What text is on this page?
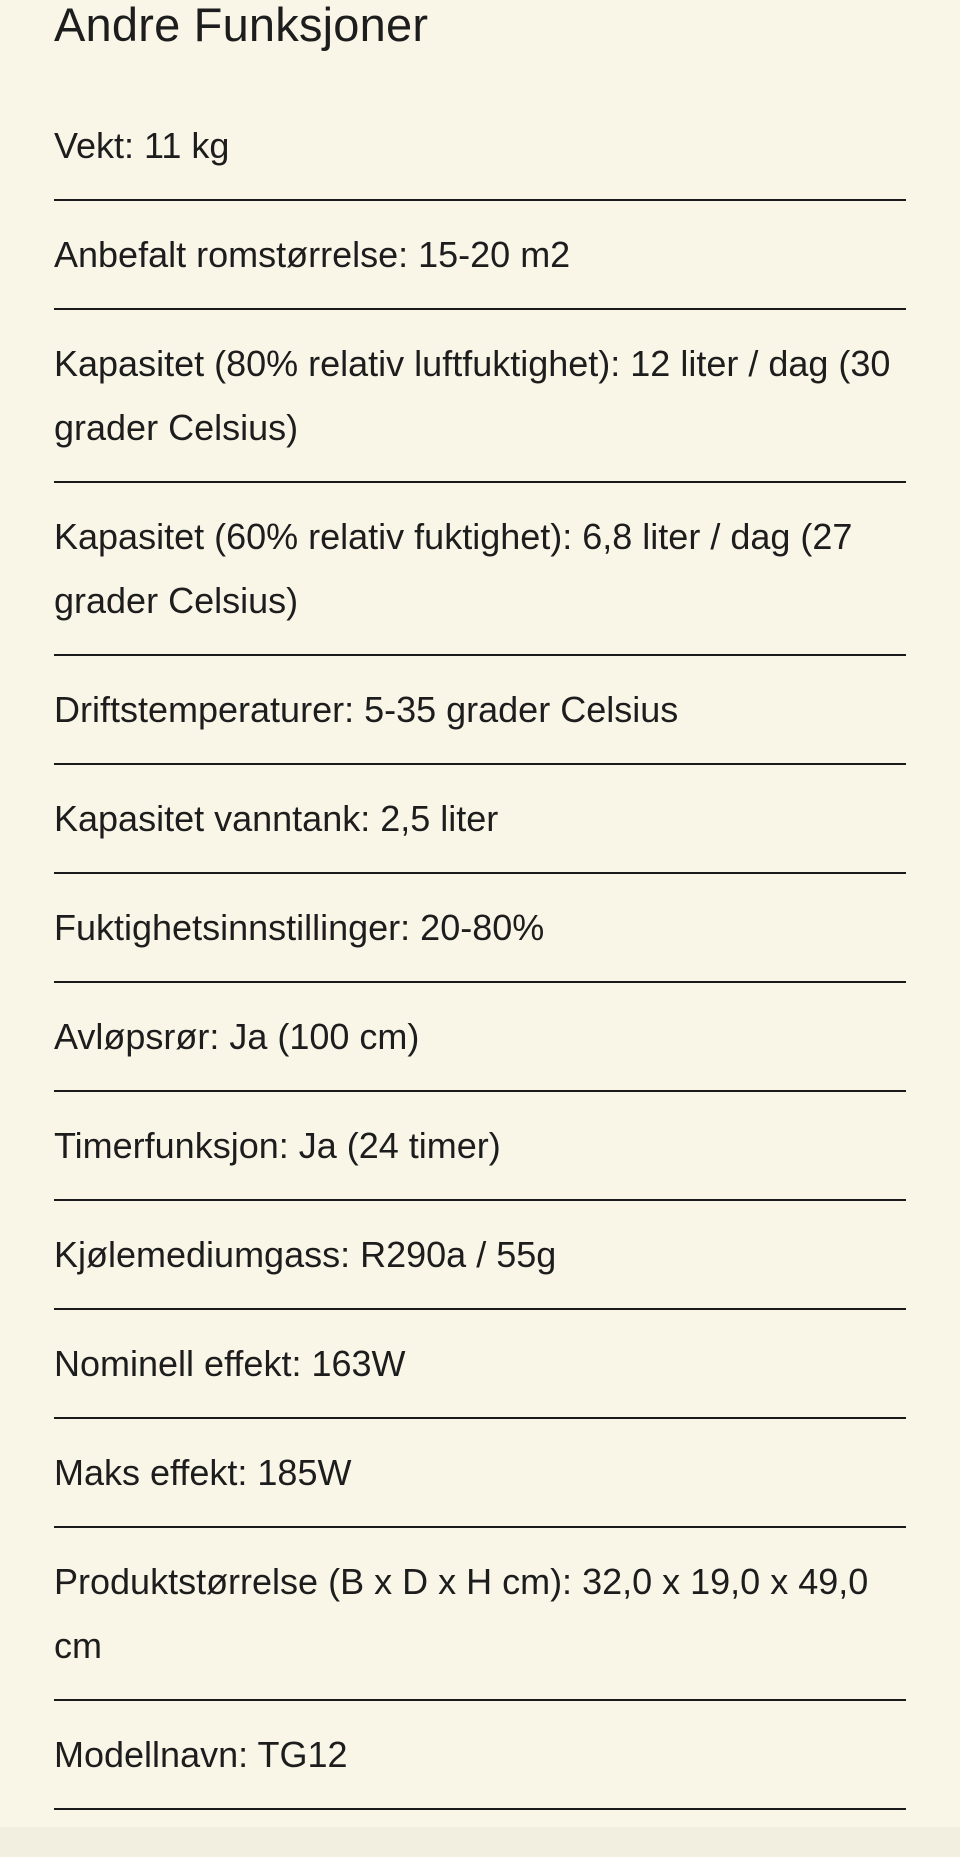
Andre Funksjoner
Vekt: 11 kg
Anbefalt romstørrelse: 15-20 m2
Kapasitet (80% relativ luftfuktighet): 12 liter / dag (30 grader Celsius)
Kapasitet (60% relativ fuktighet): 6,8 liter / dag (27 grader Celsius)
Driftstemperaturer: 5-35 grader Celsius
Kapasitet vanntank: 2,5 liter
Fuktighetsinnstillinger: 20-80%
Avløpsrør: Ja (100 cm)
Timerfunksjon: Ja (24 timer)
Kjølemediumgass: R290a / 55g
Nominell effekt: 163W
Maks effekt: 185W
Produktstørrelse (B x D x H cm): 32,0 x 19,0 x 49,0 cm
Modellnavn: TG12
